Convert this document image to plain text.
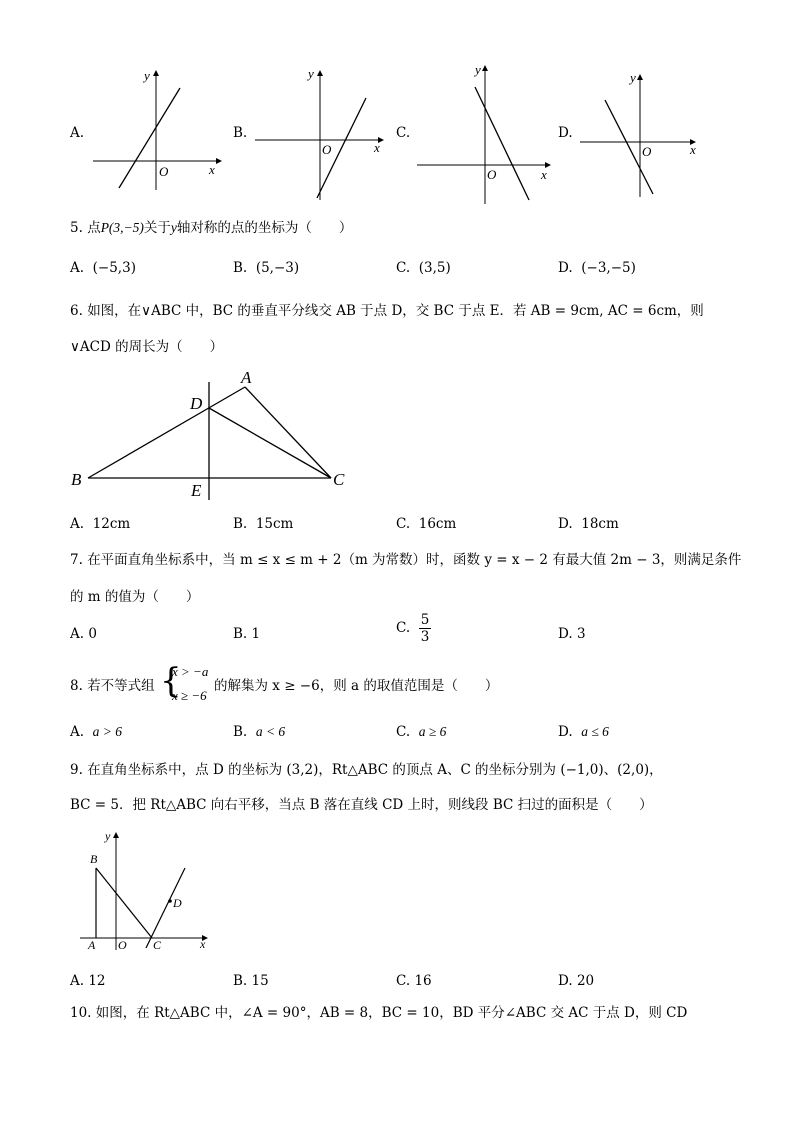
A.
x
y
O
B.
x
y
O
C.
x
y
O
D.
x
y
O
5. 点P(3,−5)关于y轴对称的点的坐标为（　　）
A. (−5,3)	B. (5,−3)	C. (3,5)	D. (−3,−5)
6. 如图，在∨ABC 中，BC 的垂直平分线交 AB 于点 D，交 BC 于点 E．若 AB = 9cm, AC = 6cm，则
∨ACD 的周长为（　　）
A
B	C
D
E
A. 12cm	B. 15cm	C. 16cm	D. 18cm
7. 在平面直角坐标系中，当 m ≤ x ≤ m + 2（m 为常数）时，函数 y = x − 2 有最大值 2m − 3，则满足条件
的 m 的值为（　　）
A. 0	B. 1	C. $\frac{5}{3}$	D. 3
8. 若不等式组 {
x > −a
x ≥ −6
的解集为 x ≥ −6，则 a 的取值范围是（　　）
A. a > 6	B. a < 6	C. a ≥ 6	D. a ≤ 6
9. 在直角坐标系中，点 D 的坐标为 (3,2)，Rt△ABC 的顶点 A、C 的坐标分别为 (−1,0)、(2,0)，
BC = 5．把 Rt△ABC 向右平移，当点 B 落在直线 CD 上时，则线段 BC 扫过的面积是（　　）
B
D
A O C	x
y
A. 12	B. 15	C. 16	D. 20
10. 如图，在 Rt△ABC 中，∠A = 90°，AB = 8，BC = 10，BD 平分∠ABC 交 AC 于点 D，则 CD
